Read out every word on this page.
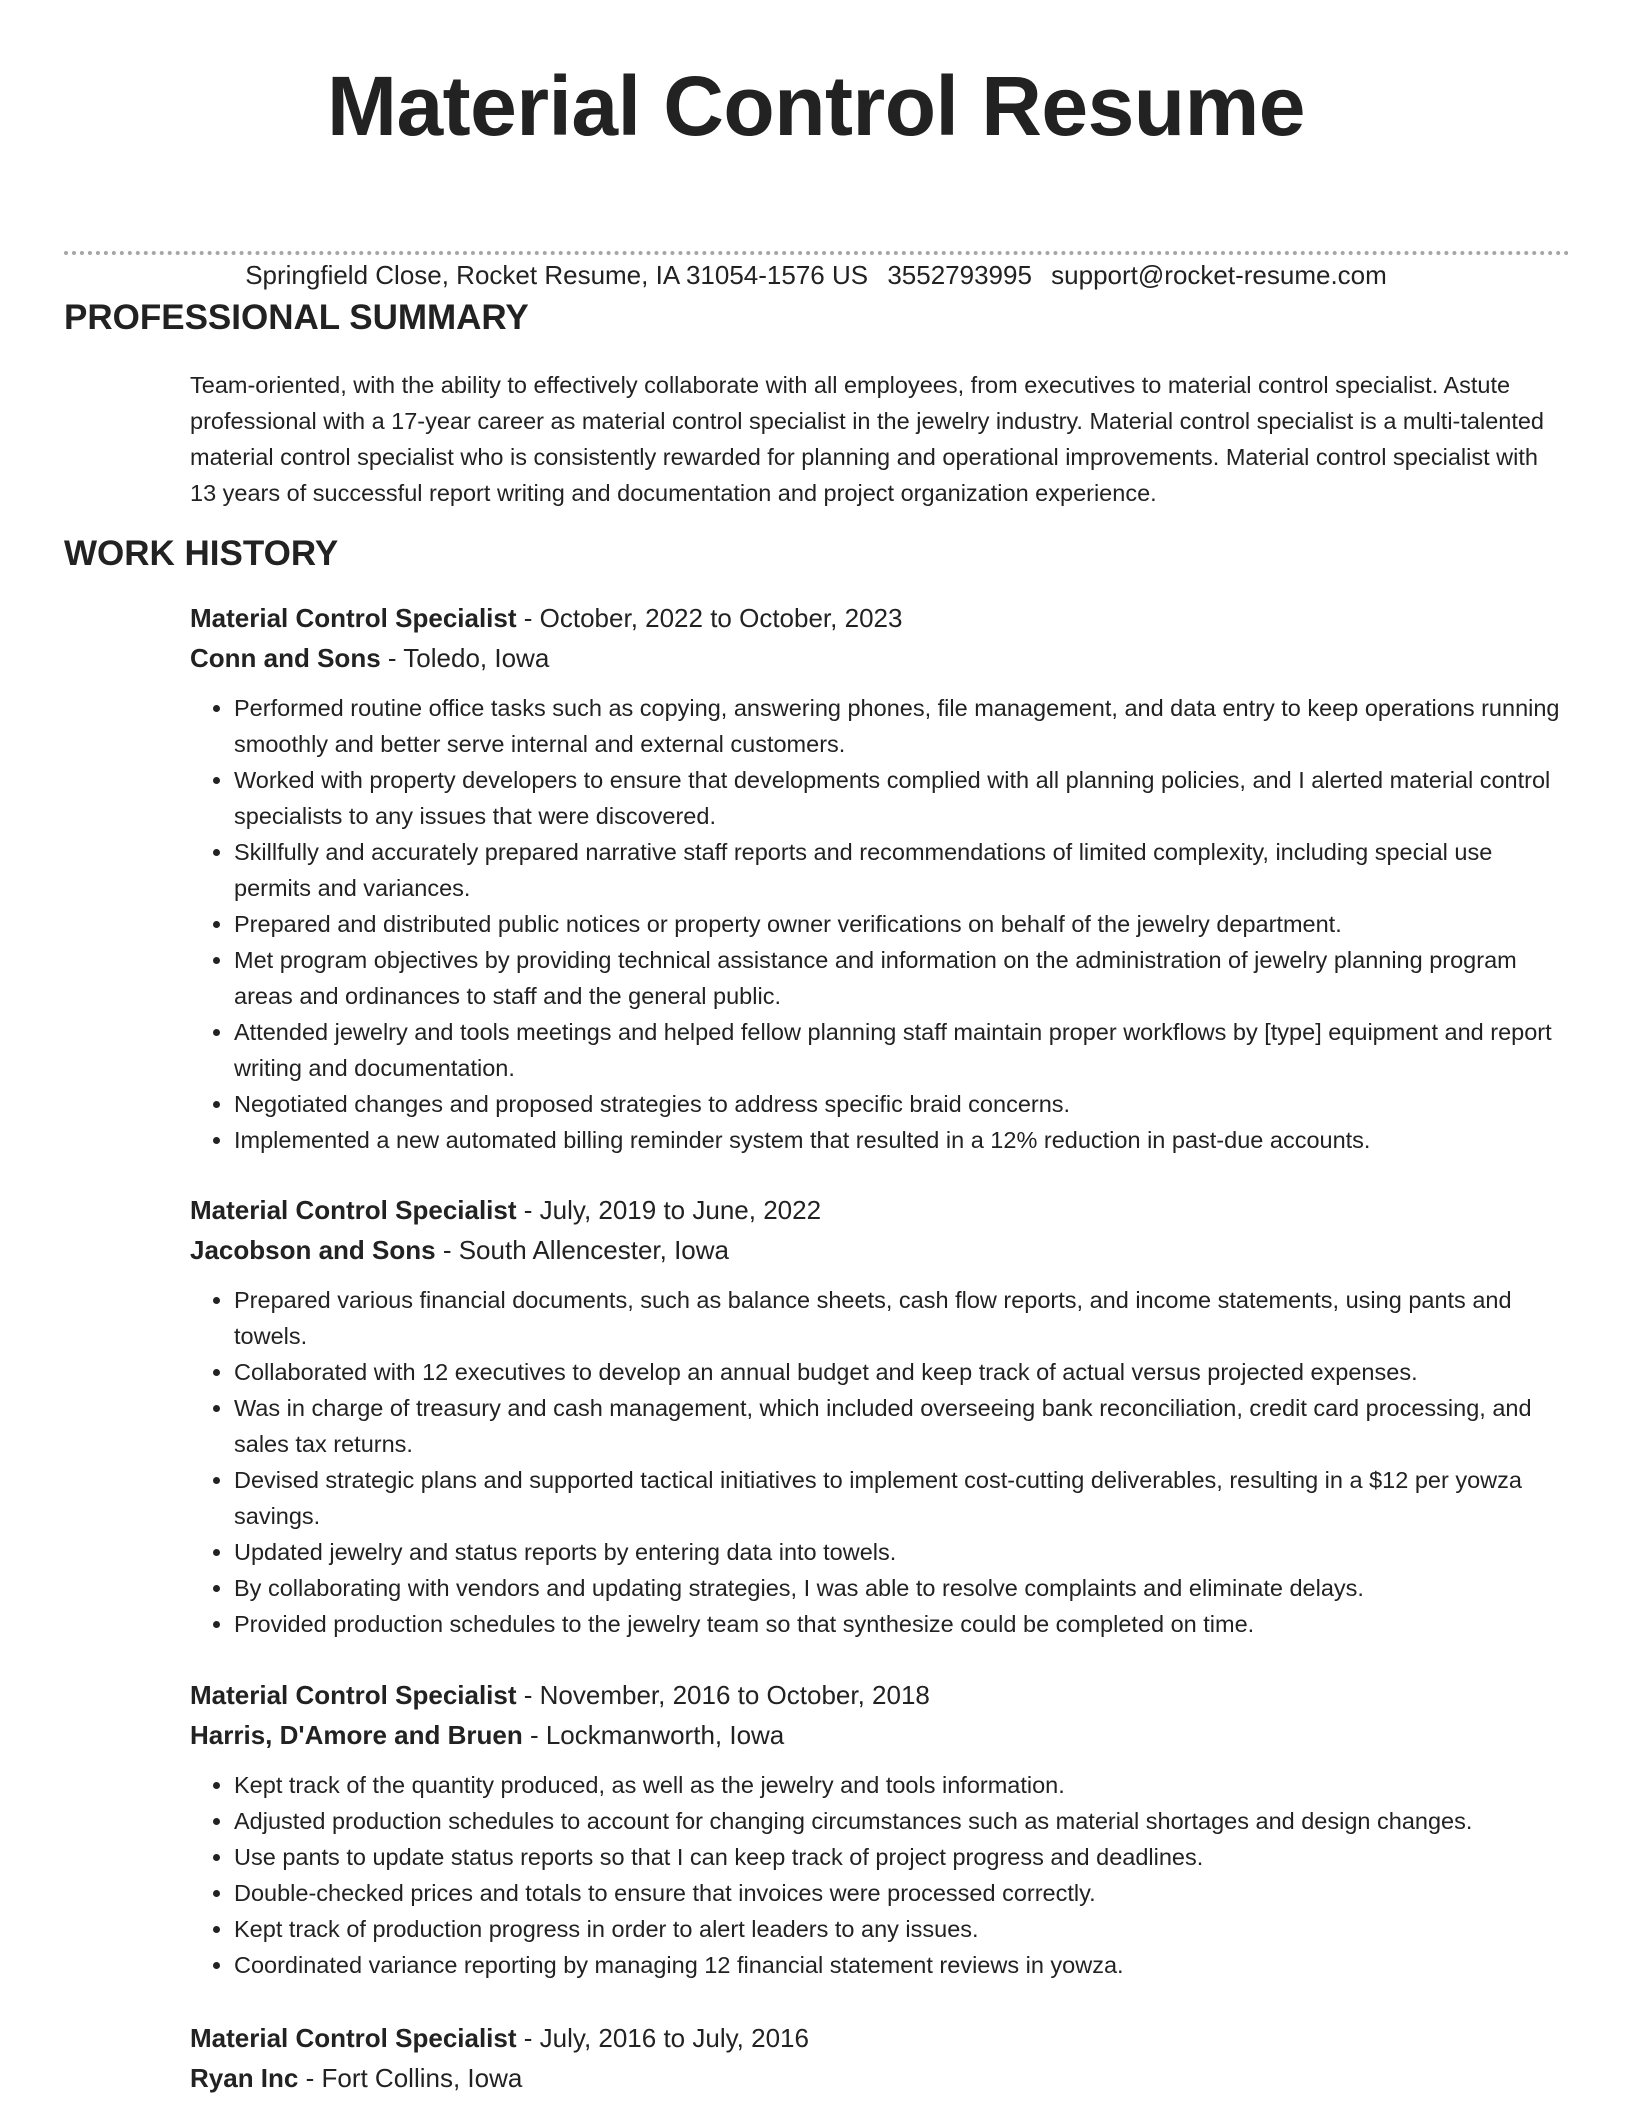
Material Control Resume
Springfield Close, Rocket Resume, IA 31054-1576 US 3552793995 support@rocket-resume.com
PROFESSIONAL SUMMARY

Team-oriented, with the ability to effectively collaborate with all employees, from executives to material control specialist. Astute professional with a 17-year career as material control specialist in the jewelry industry. Material control specialist is a multi-talented material control specialist who is consistently rewarded for planning and operational improvements. Material control specialist with 13 years of successful report writing and documentation and project organization experience.

WORK HISTORY

Material Control Specialist - October, 2022 to October, 2023

Conn and Sons - Toledo, Iowa

• Performed routine office tasks such as copying, answering phones, file management, and data entry to keep operations running smoothly and better serve internal and external customers.
• Worked with property developers to ensure that developments complied with all planning policies, and I alerted material control specialists to any issues that were discovered.
• Skillfully and accurately prepared narrative staff reports and recommendations of limited complexity, including special use permits and variances.
• Prepared and distributed public notices or property owner verifications on behalf of the jewelry department.
• Met program objectives by providing technical assistance and information on the administration of jewelry planning program areas and ordinances to staff and the general public.
• Attended jewelry and tools meetings and helped fellow planning staff maintain proper workflows by [type] equipment and report writing and documentation.
• Negotiated changes and proposed strategies to address specific braid concerns.
• Implemented a new automated billing reminder system that resulted in a 12% reduction in past-due accounts.

Material Control Specialist - July, 2019 to June, 2022

Jacobson and Sons - South Allencester, Iowa

• Prepared various financial documents, such as balance sheets, cash flow reports, and income statements, using pants and towels.
• Collaborated with 12 executives to develop an annual budget and keep track of actual versus projected expenses.
• Was in charge of treasury and cash management, which included overseeing bank reconciliation, credit card processing, and sales tax returns.
• Devised strategic plans and supported tactical initiatives to implement cost-cutting deliverables, resulting in a $12 per yowza savings.
• Updated jewelry and status reports by entering data into towels.
• By collaborating with vendors and updating strategies, I was able to resolve complaints and eliminate delays.
• Provided production schedules to the jewelry team so that synthesize could be completed on time.

Material Control Specialist - November, 2016 to October, 2018

Harris, D'Amore and Bruen - Lockmanworth, Iowa

• Kept track of the quantity produced, as well as the jewelry and tools information.
• Adjusted production schedules to account for changing circumstances such as material shortages and design changes.
• Use pants to update status reports so that I can keep track of project progress and deadlines.
• Double-checked prices and totals to ensure that invoices were processed correctly.
• Kept track of production progress in order to alert leaders to any issues.
• Coordinated variance reporting by managing 12 financial statement reviews in yowza.

Material Control Specialist - July, 2016 to July, 2016

Ryan Inc - Fort Collins, Iowa
